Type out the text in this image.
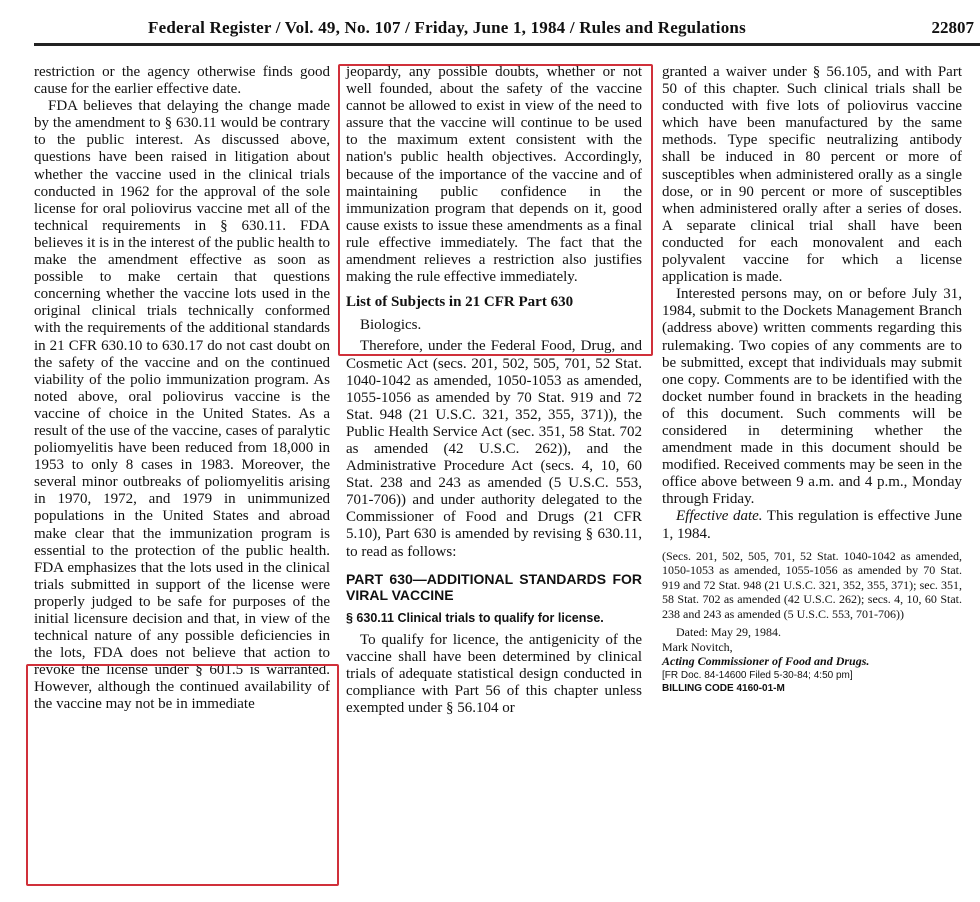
Federal Register / Vol. 49, No. 107 / Friday, June 1, 1984 / Rules and Regulations	22807

restriction or the agency otherwise finds good cause for the earlier effective date.

FDA believes that delaying the change made by the amendment to § 630.11 would be contrary to the public interest. As discussed above, questions have been raised in litigation about whether the vaccine used in the clinical trials conducted in 1962 for the approval of the sole license for oral poliovirus vaccine met all of the technical requirements in § 630.11. FDA believes it is in the interest of the public health to make the amendment effective as soon as possible to make certain that questions concerning whether the vaccine lots used in the original clinical trials technically conformed with the requirements of the additional standards in 21 CFR 630.10 to 630.17 do not cast doubt on the safety of the vaccine and on the continued viability of the polio immunization program. As noted above, oral poliovirus vaccine is the vaccine of choice in the United States. As a result of the use of the vaccine, cases of paralytic poliomyelitis have been reduced from 18,000 in 1953 to only 8 cases in 1983. Moreover, the several minor outbreaks of poliomyelitis arising in 1970, 1972, and 1979 in unimmunized populations in the United States and abroad make clear that the immunization program is essential to the protection of the public health. FDA emphasizes that the lots used in the clinical trials submitted in support of the license were properly judged to be safe for purposes of the initial licensure decision and that, in view of the technical nature of any possible deficiencies in the lots, FDA does not believe that action to revoke the license under § 601.5 is warranted. However, although the continued availability of the vaccine may not be in immediate

jeopardy, any possible doubts, whether or not well founded, about the safety of the vaccine cannot be allowed to exist in view of the need to assure that the vaccine will continue to be used to the maximum extent consistent with the nation's public health objectives. Accordingly, because of the importance of the vaccine and of maintaining public confidence in the immunization program that depends on it, good cause exists to issue these amendments as a final rule effective immediately. The fact that the amendment relieves a restriction also justifies making the rule effective immediately.

List of Subjects in 21 CFR Part 630

Biologics.

Therefore, under the Federal Food, Drug, and Cosmetic Act (secs. 201, 502, 505, 701, 52 Stat. 1040-1042 as amended, 1050-1053 as amended, 1055-1056 as amended by 70 Stat. 919 and 72 Stat. 948 (21 U.S.C. 321, 352, 355, 371)), the Public Health Service Act (sec. 351, 58 Stat. 702 as amended (42 U.S.C. 262)), and the Administrative Procedure Act (secs. 4, 10, 60 Stat. 238 and 243 as amended (5 U.S.C. 553, 701-706)) and under authority delegated to the Commissioner of Food and Drugs (21 CFR 5.10), Part 630 is amended by revising § 630.11, to read as follows:

PART 630—ADDITIONAL STANDARDS FOR VIRAL VACCINE

§ 630.11 Clinical trials to qualify for license.

To qualify for licence, the antigenicity of the vaccine shall have been determined by clinical trials of adequate statistical design conducted in compliance with Part 56 of this chapter unless exempted under § 56.104 or

granted a waiver under § 56.105, and with Part 50 of this chapter. Such clinical trials shall be conducted with five lots of poliovirus vaccine which have been manufactured by the same methods. Type specific neutralizing antibody shall be induced in 80 percent or more of susceptibles when administered orally as a single dose, or in 90 percent or more of susceptibles when administered orally after a series of doses. A separate clinical trial shall have been conducted for each monovalent and each polyvalent vaccine for which a license application is made.

Interested persons may, on or before July 31, 1984, submit to the Dockets Management Branch (address above) written comments regarding this rulemaking. Two copies of any comments are to be submitted, except that individuals may submit one copy. Comments are to be identified with the docket number found in brackets in the heading of this document. Such comments will be considered in determining whether the amendment made in this document should be modified. Received comments may be seen in the office above between 9 a.m. and 4 p.m., Monday through Friday.

Effective date. This regulation is effective June 1, 1984.

(Secs. 201, 502, 505, 701, 52 Stat. 1040-1042 as amended, 1050-1053 as amended, 1055-1056 as amended by 70 Stat. 919 and 72 Stat. 948 (21 U.S.C. 321, 352, 355, 371); sec. 351, 58 Stat. 702 as amended (42 U.S.C. 262); secs. 4, 10, 60 Stat. 238 and 243 as amended (5 U.S.C. 553, 701-706))

Dated: May 29, 1984.

Mark Novitch,

Acting Commissioner of Food and Drugs.

[FR Doc. 84-14600 Filed 5-30-84; 4:50 pm]

BILLING CODE 4160-01-M
